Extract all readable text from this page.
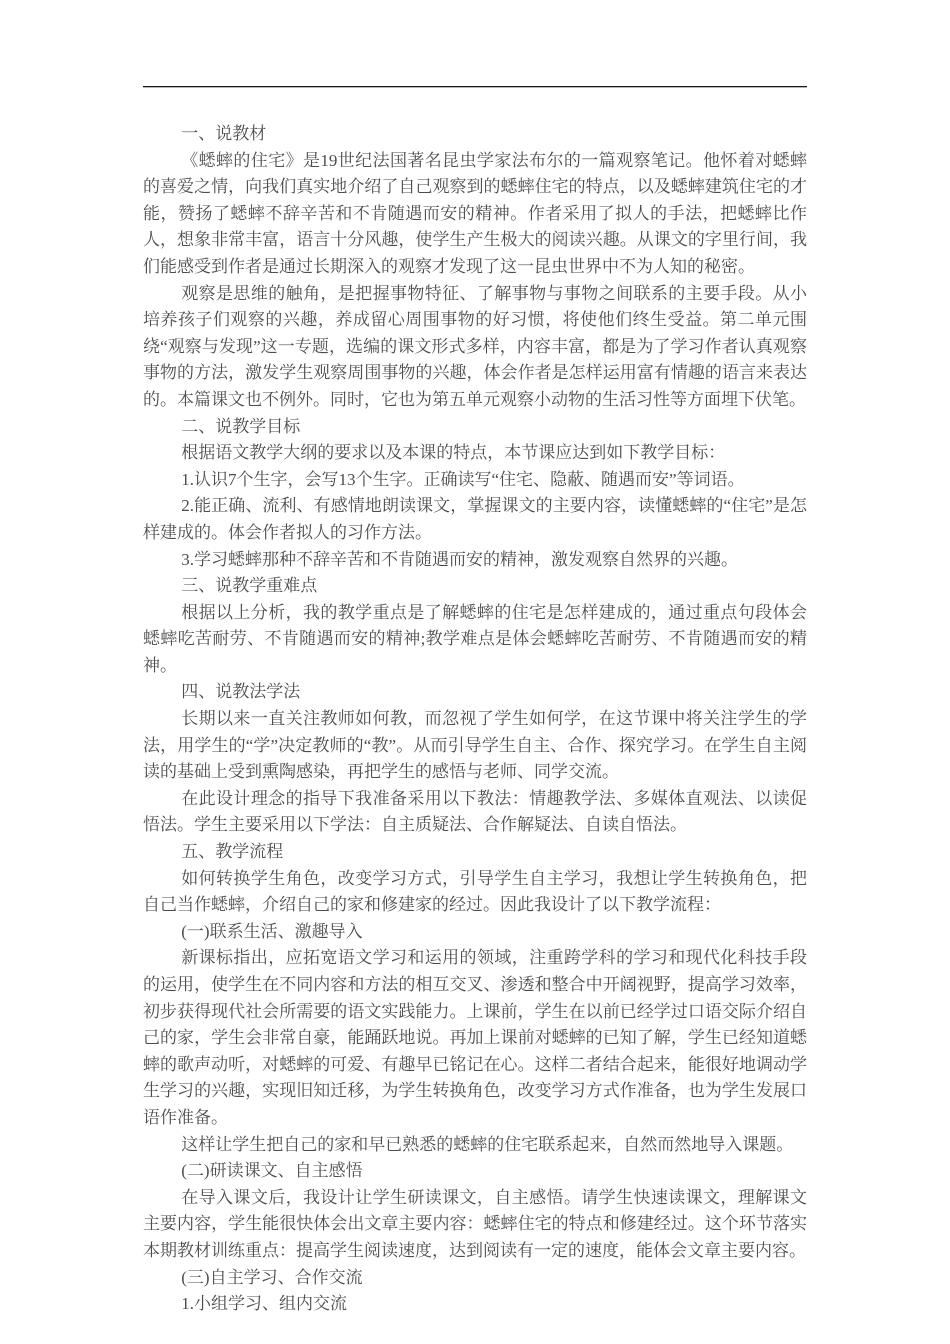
一、说教材

《蟋蟀的住宅》是19世纪法国著名昆虫学家法布尔的一篇观察笔记。他怀着对蟋蟀的喜爱之情，向我们真实地介绍了自己观察到的蟋蟀住宅的特点，以及蟋蟀建筑住宅的才能，赞扬了蟋蟀不辞辛苦和不肯随遇而安的精神。作者采用了拟人的手法，把蟋蟀比作人，想象非常丰富，语言十分风趣，使学生产生极大的阅读兴趣。从课文的字里行间，我们能感受到作者是通过长期深入的观察才发现了这一昆虫世界中不为人知的秘密。

观察是思维的触角，是把握事物特征、了解事物与事物之间联系的主要手段。从小培养孩子们观察的兴趣，养成留心周围事物的好习惯，将使他们终生受益。第二单元围绕“观察与发现”这一专题，选编的课文形式多样，内容丰富，都是为了学习作者认真观察事物的方法，激发学生观察周围事物的兴趣，体会作者是怎样运用富有情趣的语言来表达的。本篇课文也不例外。同时，它也为第五单元观察小动物的生活习性等方面埋下伏笔。

二、说教学目标

根据语文教学大纲的要求以及本课的特点，本节课应达到如下教学目标：

1.认识7个生字，会写13个生字。正确读写“住宅、隐蔽、随遇而安”等词语。

2.能正确、流利、有感情地朗读课文，掌握课文的主要内容，读懂蟋蟀的“住宅”是怎样建成的。体会作者拟人的习作方法。

3.学习蟋蟀那种不辞辛苦和不肯随遇而安的精神，激发观察自然界的兴趣。

三、说教学重难点

根据以上分析，我的教学重点是了解蟋蟀的住宅是怎样建成的，通过重点句段体会蟋蟀吃苦耐劳、不肯随遇而安的精神;教学难点是体会蟋蟀吃苦耐劳、不肯随遇而安的精神。

四、说教法学法

长期以来一直关注教师如何教，而忽视了学生如何学，在这节课中将关注学生的学法，用学生的“学”决定教师的“教”。从而引导学生自主、合作、探究学习。在学生自主阅读的基础上受到熏陶感染，再把学生的感悟与老师、同学交流。

在此设计理念的指导下我准备采用以下教法：情趣教学法、多媒体直观法、以读促悟法。学生主要采用以下学法：自主质疑法、合作解疑法、自读自悟法。

五、教学流程

如何转换学生角色，改变学习方式，引导学生自主学习，我想让学生转换角色，把自己当作蟋蟀，介绍自己的家和修建家的经过。因此我设计了以下教学流程：

(一)联系生活、激趣导入

新课标指出，应拓宽语文学习和运用的领域，注重跨学科的学习和现代化科技手段的运用，使学生在不同内容和方法的相互交叉、渗透和整合中开阔视野，提高学习效率，初步获得现代社会所需要的语文实践能力。上课前，学生在以前已经学过口语交际介绍自己的家，学生会非常自豪，能踊跃地说。再加上课前对蟋蟀的已知了解，学生已经知道蟋蟀的歌声动听，对蟋蟀的可爱、有趣早已铭记在心。这样二者结合起来，能很好地调动学生学习的兴趣，实现旧知迁移，为学生转换角色，改变学习方式作准备，也为学生发展口语作准备。

这样让学生把自己的家和早已熟悉的蟋蟀的住宅联系起来，自然而然地导入课题。

(二)研读课文、自主感悟

在导入课文后，我设计让学生研读课文，自主感悟。请学生快速读课文，理解课文主要内容，学生能很快体会出文章主要内容：蟋蟀住宅的特点和修建经过。这个环节落实本期教材训练重点：提高学生阅读速度，达到阅读有一定的速度，能体会文章主要内容。

(三)自主学习、合作交流

1.小组学习、组内交流
